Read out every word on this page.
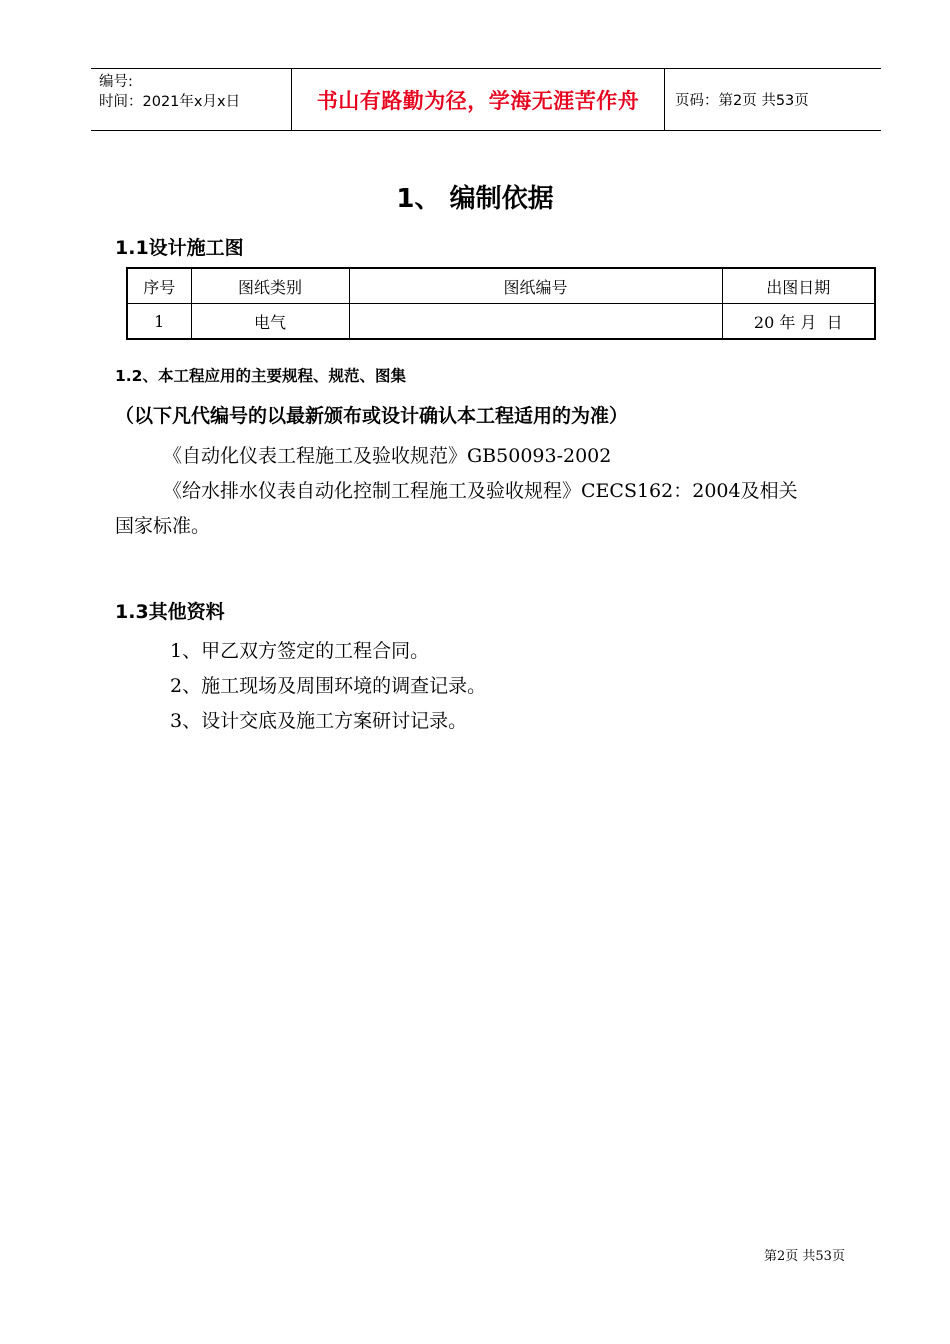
编号:
时间：2021年x月x日	书山有路勤为径，学海无涯苦作舟	页码：第2页 共53页
1、 编制依据
1.1设计施工图
序号	图纸类别	图纸编号	出图日期
1	电气		20 年 月  日
1.2、本工程应用的主要规程、规范、图集
（以下凡代编号的以最新颁布或设计确认本工程适用的为准）
《自动化仪表工程施工及验收规范》GB50093-2002
《给水排水仪表自动化控制工程施工及验收规程》CECS162：2004及相关
国家标准。
1.3其他资料
1、甲乙双方签定的工程合同。
2、施工现场及周围环境的调查记录。
3、设计交底及施工方案研讨记录。
第2页 共53页
